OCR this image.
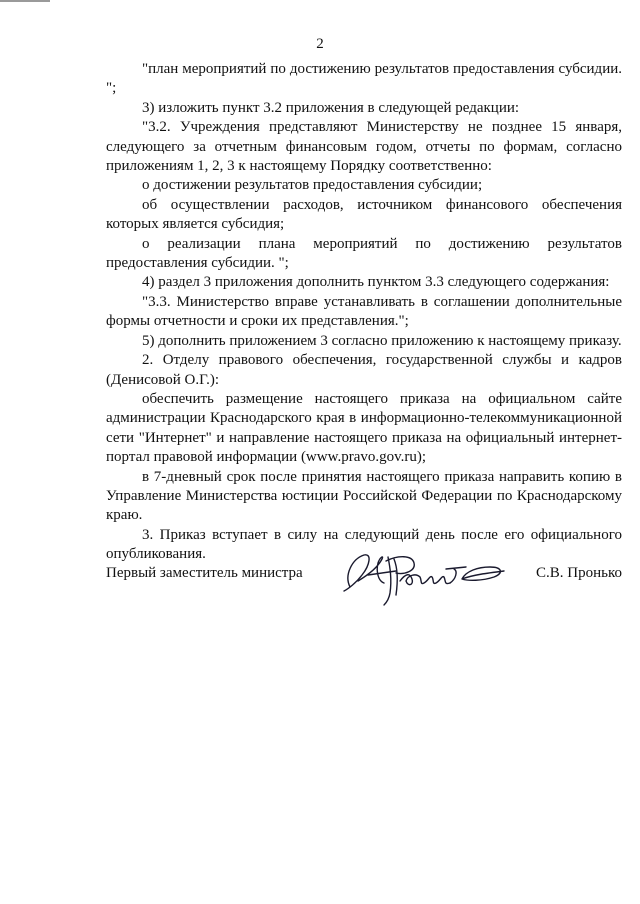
2

"план мероприятий по достижению результатов предоставления субсидии. ";

3) изложить пункт 3.2 приложения в следующей редакции:

"3.2. Учреждения представляют Министерству не позднее 15 января, следующего за отчетным финансовым годом, отчеты по формам, согласно приложениям 1, 2, 3 к настоящему Порядку соответственно:

о достижении результатов предоставления субсидии;

об осуществлении расходов, источником финансового обеспечения которых является субсидия;

о реализации плана мероприятий по достижению результатов предоставления субсидии. ";

4) раздел 3 приложения дополнить пунктом 3.3 следующего содержания:

"3.3. Министерство вправе устанавливать в соглашении дополнительные формы отчетности и сроки их представления.";

5) дополнить приложением 3 согласно приложению к настоящему приказу.

2. Отделу правового обеспечения, государственной службы и кадров (Денисовой О.Г.):

обеспечить размещение настоящего приказа на официальном сайте администрации Краснодарского края в информационно-телекоммуникационной сети "Интернет" и направление настоящего приказа на официальный интернет-портал правовой информации (www.pravo.gov.ru);

в 7-дневный срок после принятия настоящего приказа направить копию в Управление Министерства юстиции Российской Федерации по Краснодарскому краю.

3. Приказ вступает в силу на следующий день после его официального опубликования.

Первый заместитель министра	С.В. Пронько
